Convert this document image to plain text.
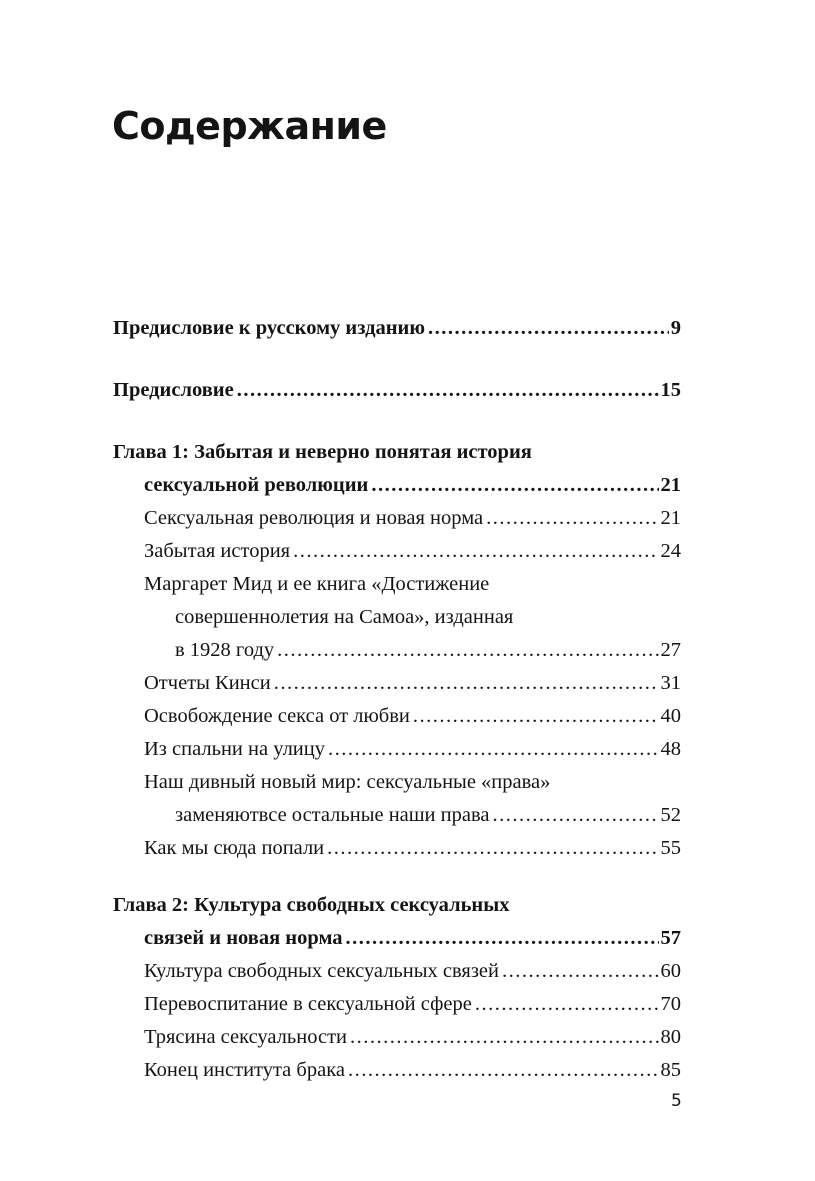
Содержание
Предисловие к русскому изданию .....	9
Предисловие .....	15
Глава 1: Забытая и неверно понятая история
сексуальной революции .....	21
Сексуальная революция и новая норма .....	21
Забытая история .....	24
Маргарет Мид и ее книга «Достижение
совершеннолетия на Самоа», изданная
в 1928 году .....	27
Отчеты Кинси .....	31
Освобождение секса от любви .....	40
Из спальни на улицу .....	48
Наш дивный новый мир: сексуальные «права»
заменяютвсе остальные наши права .....	52
Как мы сюда попали .....	55
Глава 2: Культура свободных сексуальных
связей и новая норма .....	57
Культура свободных сексуальных связей .....	60
Перевоспитание в сексуальной сфере .....	70
Трясина сексуальности .....	80
Конец института брака .....	85
5
